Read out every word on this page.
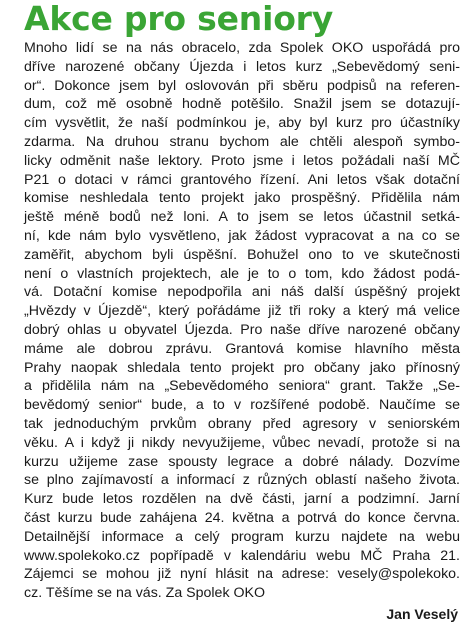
Akce pro seniory
Mnoho lidí se na nás obracelo, zda Spolek OKO uspořádá pro
dříve narozené občany Újezda i letos kurz „Sebevědomý seni-
or“. Dokonce jsem byl oslovován při sběru podpisů na referen-
dum, což mě osobně hodně potěšilo. Snažil jsem se dotazují-
cím vysvětlit, že naší podmínkou je, aby byl kurz pro účastníky
zdarma. Na druhou stranu bychom ale chtěli alespoň symbo-
licky odměnit naše lektory. Proto jsme i letos požádali naší MČ
P21 o dotaci v rámci grantového řízení. Ani letos však dotační
komise neshledala tento projekt jako prospěšný. Přidělila nám
ještě méně bodů než loni. A to jsem se letos účastnil setká-
ní, kde nám bylo vysvětleno, jak žádost vypracovat a na co se
zaměřit, abychom byli úspěšní. Bohužel ono to ve skutečnosti
není o vlastních projektech, ale je to o tom, kdo žádost podá-
vá. Dotační komise nepodpořila ani náš další úspěšný projekt
„Hvězdy v Újezdě“, který pořádáme již tři roky a který má velice
dobrý ohlas u obyvatel Újezda. Pro naše dříve narozené občany
máme ale dobrou zprávu. Grantová komise hlavního města
Prahy naopak shledala tento projekt pro občany jako přínosný
a přidělila nám na „Sebevědomého seniora“ grant. Takže „Se-
bevědomý senior“ bude, a to v rozšířené podobě. Naučíme se
tak jednoduchým prvkům obrany před agresory v seniorském
věku. A i když ji nikdy nevyužijeme, vůbec nevadí, protože si na
kurzu užijeme zase spousty legrace a dobré nálady. Dozvíme
se plno zajímavostí a informací z různých oblastí našeho života.
Kurz bude letos rozdělen na dvě části, jarní a podzimní. Jarní
část kurzu bude zahájena 24. května a potrvá do konce června.
Detailnější informace a celý program kurzu najdete na webu
www.spolekoko.cz popřípadě v kalendáriu webu MČ Praha 21.
Zájemci se mohou již nyní hlásit na adrese: vesely@spolekoko.
cz. Těšíme se na vás. Za Spolek OKO
Jan Veselý
